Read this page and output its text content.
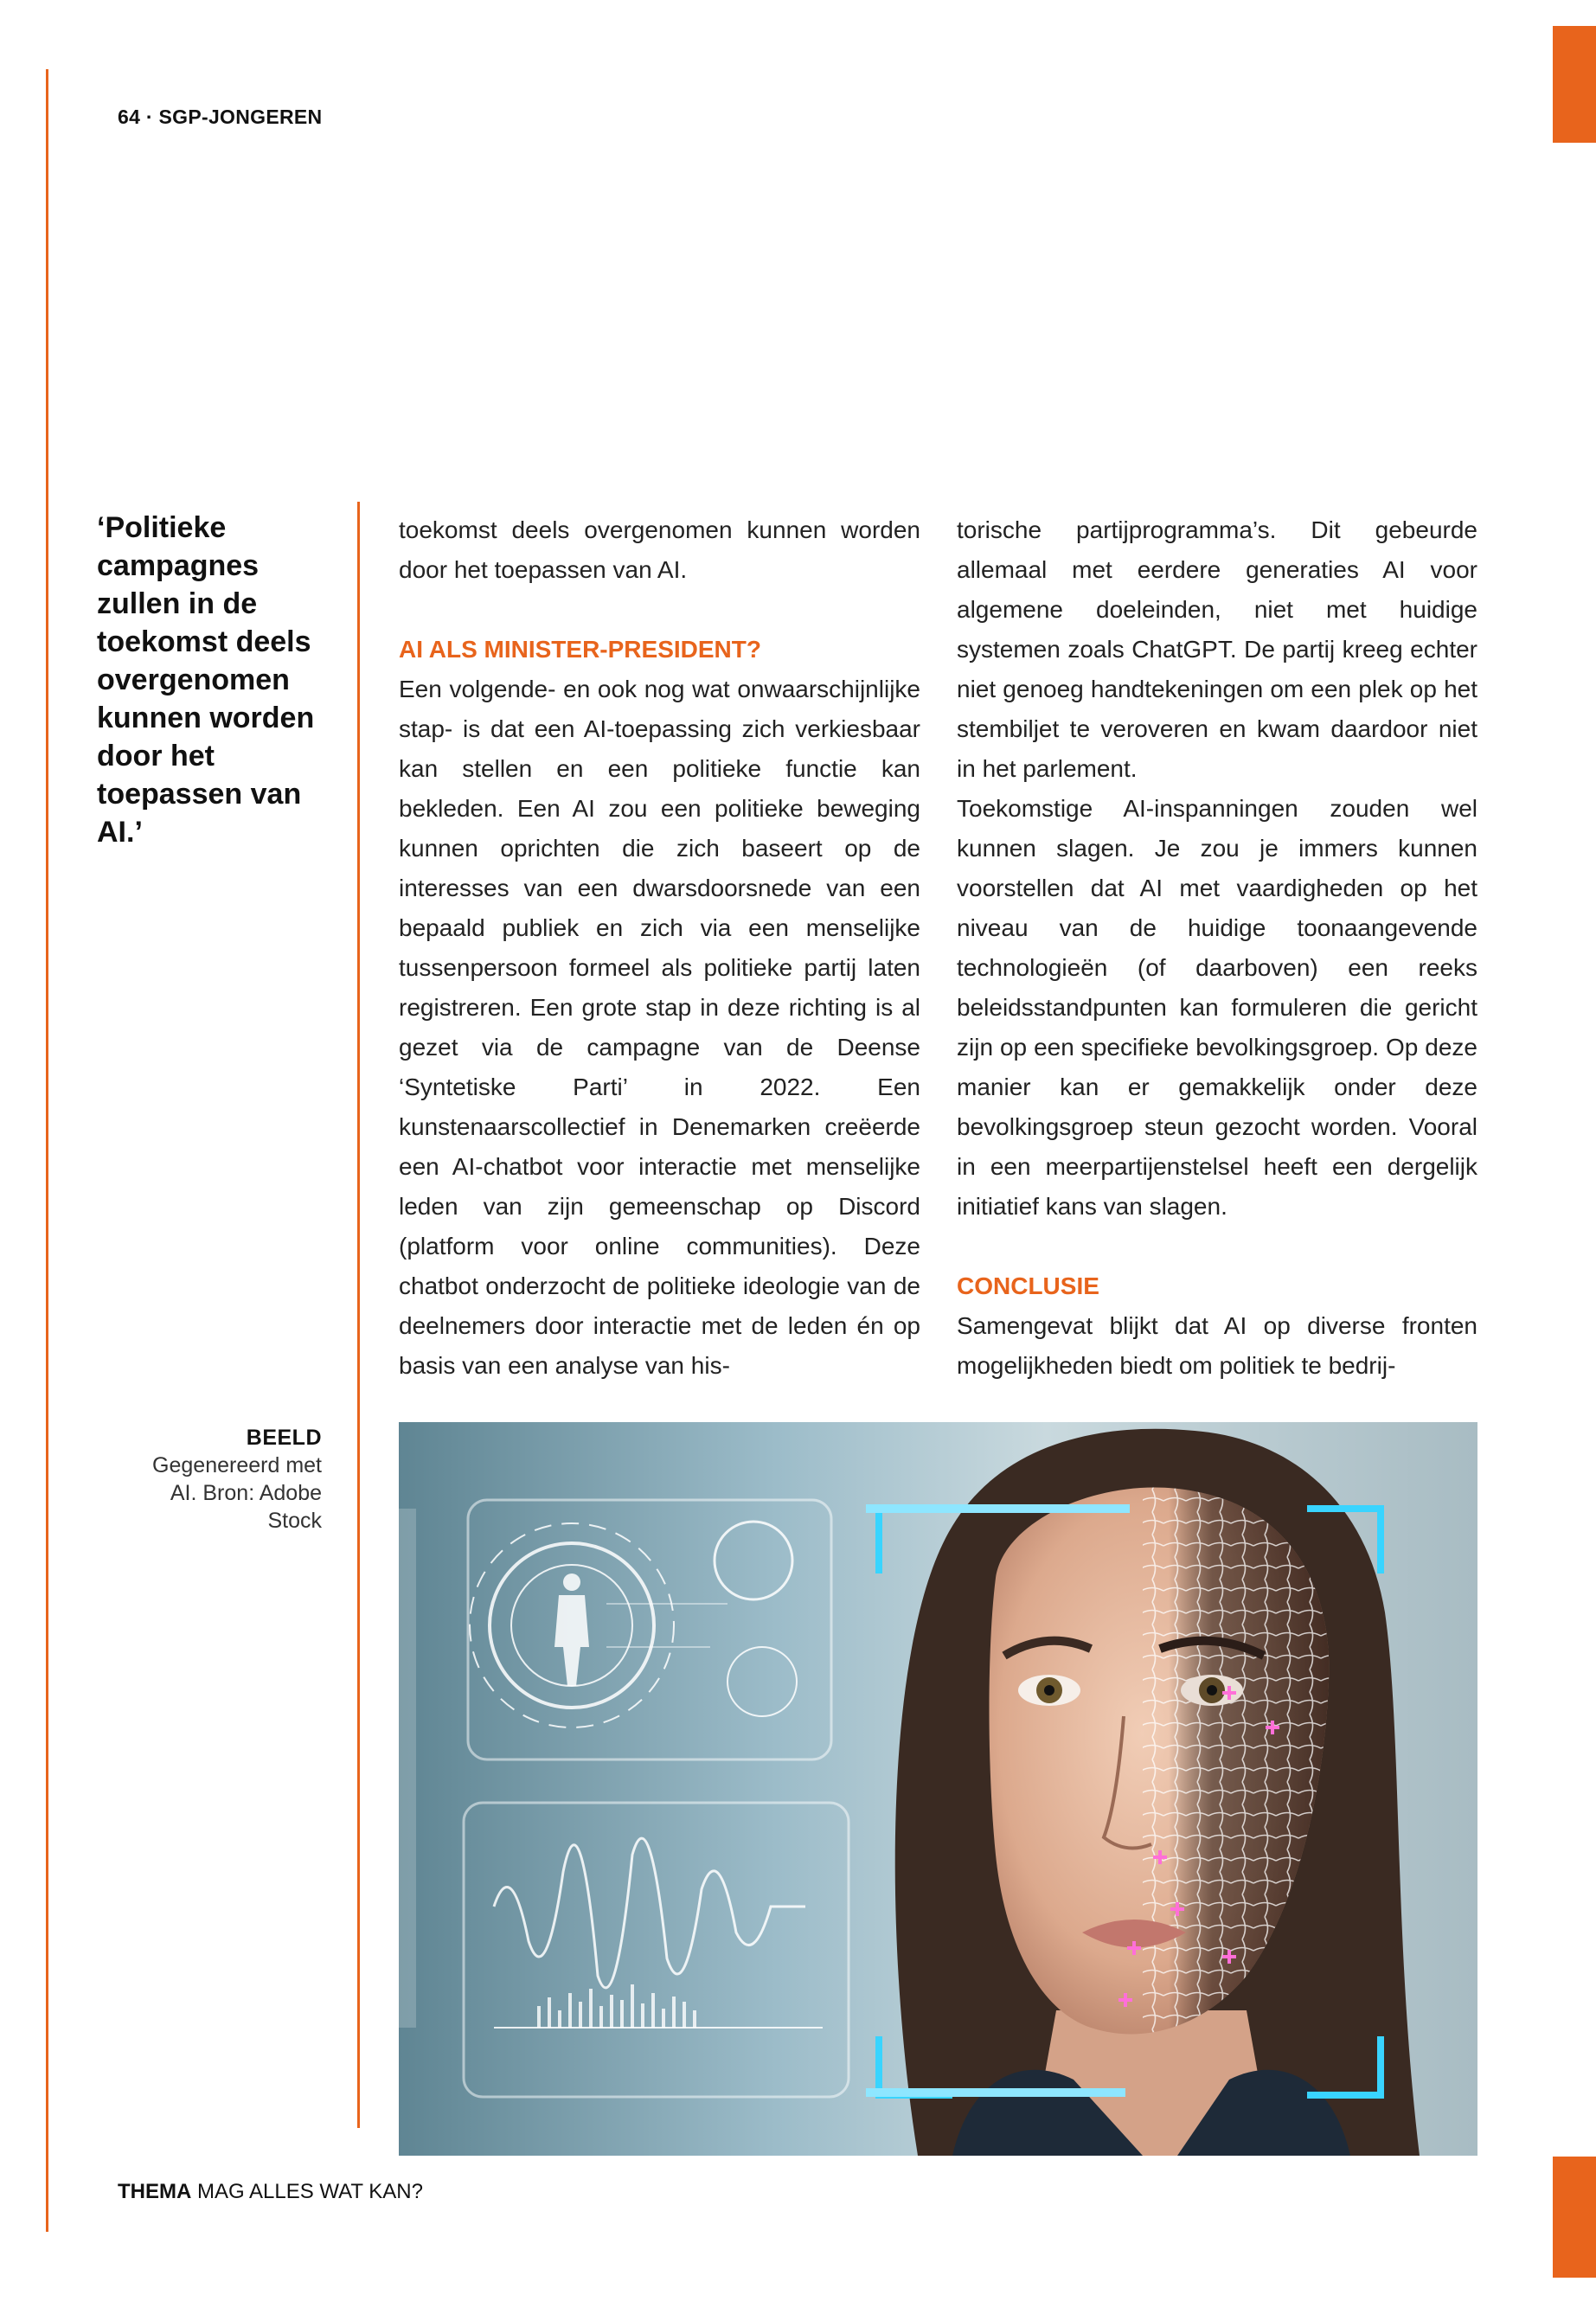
64 · SGP-JONGEREN
‘Politieke campagnes zullen in de toekomst deels overgenomen kunnen worden door het toepassen van AI.’

toekomst deels overgenomen kunnen worden door het toepassen van AI.

AI ALS MINISTER-PRESIDENT?

Een volgende- en ook nog wat onwaarschijnlijke stap- is dat een AI-toepassing zich verkiesbaar kan stellen en een politieke functie kan bekleden. Een AI zou een politieke beweging kunnen oprichten die zich baseert op de interesses van een dwarsdoorsnede van een bepaald publiek en zich via een menselijke tussenpersoon formeel als politieke partij laten registreren. Een grote stap in deze richting is al gezet via de campagne van de Deense ‘Syntetiske Parti’ in 2022. Een kunstenaarscollectief in Denemarken creëerde een AI-chatbot voor interactie met menselijke leden van zijn gemeenschap op Discord (platform voor online communities). Deze chatbot onderzocht de politieke ideologie van de deelnemers door interactie met de leden én op basis van een analyse van his-

torische partijprogramma’s. Dit gebeurde allemaal met eerdere generaties AI voor algemene doeleinden, niet met huidige systemen zoals ChatGPT. De partij kreeg echter niet genoeg handtekeningen om een plek op het stembiljet te veroveren en kwam daardoor niet in het parlement.

Toekomstige AI-inspanningen zouden wel kunnen slagen. Je zou je immers kunnen voorstellen dat AI met vaardigheden op het niveau van de huidige toonaangevende technologieën (of daarboven) een reeks beleidsstandpunten kan formuleren die gericht zijn op een specifieke bevolkingsgroep. Op deze manier kan er gemakkelijk onder deze bevolkingsgroep steun gezocht worden. Vooral in een meerpartijenstelsel heeft een dergelijk initiatief kans van slagen.

CONCLUSIE

Samengevat blijkt dat AI op diverse fronten mogelijkheden biedt om politiek te bedrij-

BEELD
Gegenereerd met AI. Bron: Adobe Stock
THEMA MAG ALLES WAT KAN?
